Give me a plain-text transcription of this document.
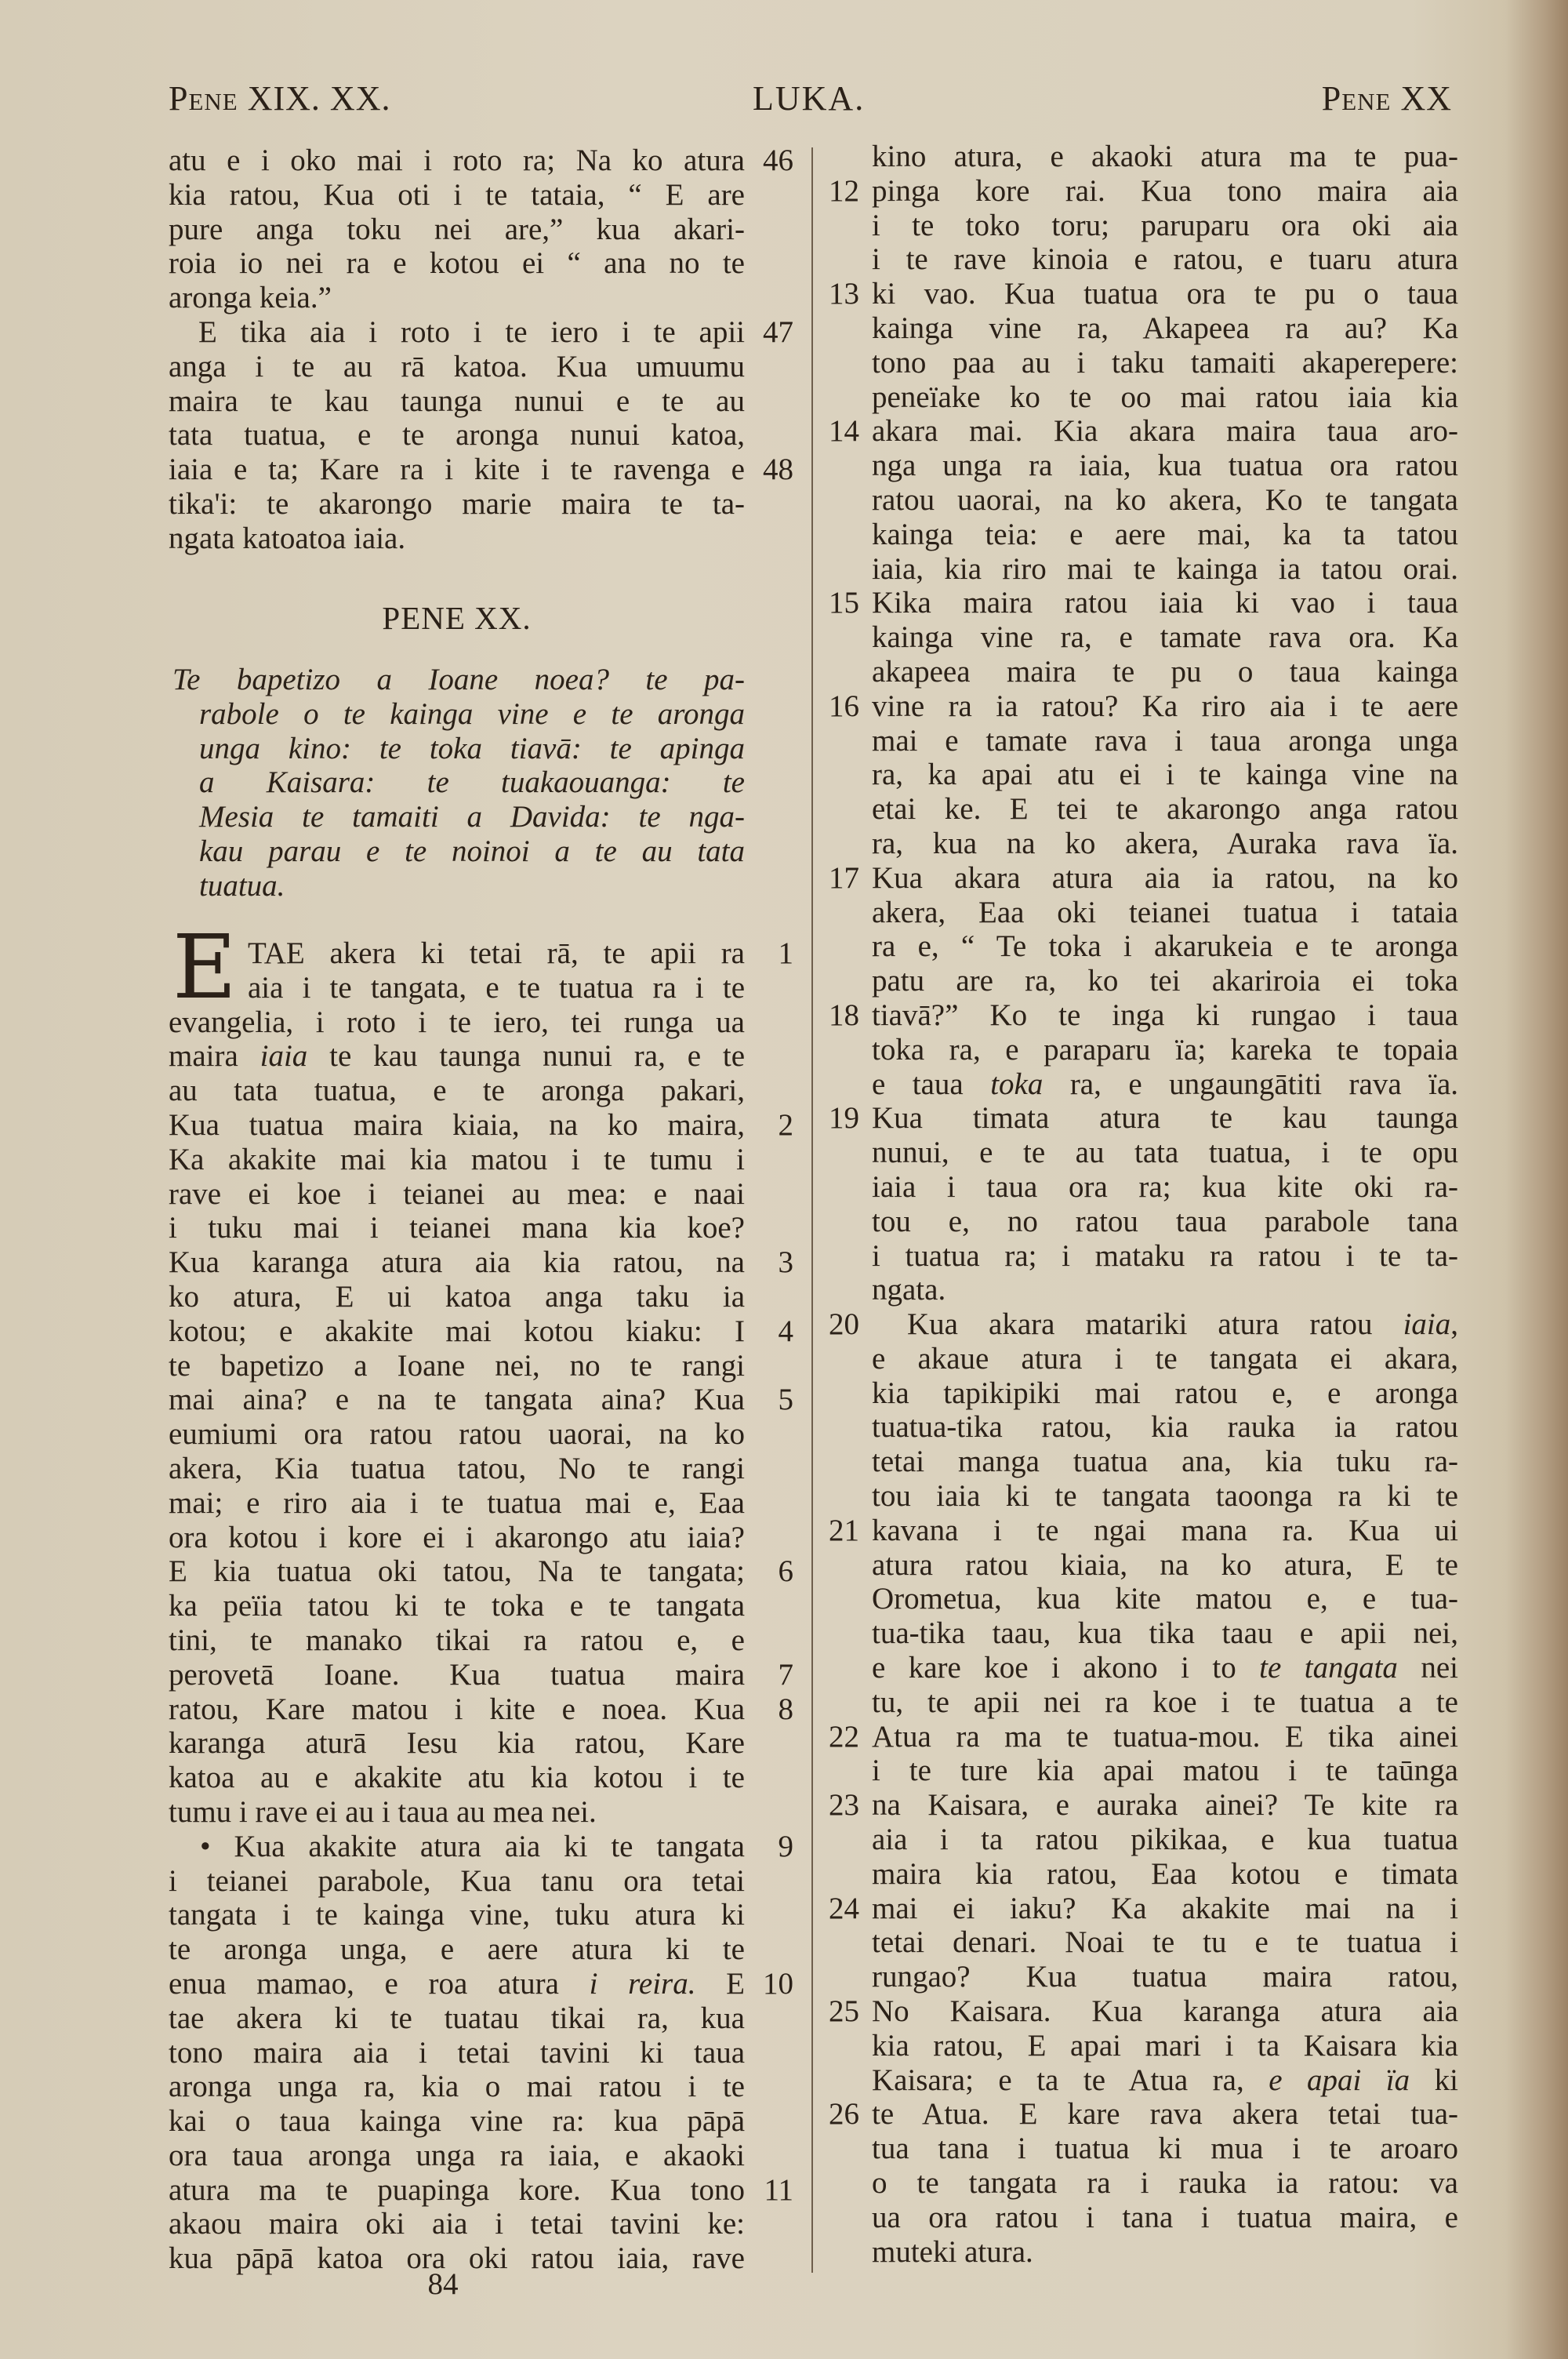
Pene XIX. XX.	LUKA.	Pene XX
atu e i oko mai i roto ra; Na ko atura 46
kia ratou, Kua oti i te tataia, “ E are
pure anga toku nei are,” kua akari-
roia io nei ra e kotou ei “ ana no te
aronga keia.”
E tika aia i roto i te iero i te apii 47
anga i te au rā katoa. Kua umuumu
maira te kau taunga nunui e te au
tata tuatua, e te aronga nunui katoa,
iaia e ta; Kare ra i kite i te ravenga e 48
tika'i: te akarongo marie maira te ta-
ngata katoatoa iaia.
PENE XX.
Te bapetizo a Ioane noea? te pa-
rabole o te kainga vine e te aronga
unga kino: te toka tiavā: te apinga
a Kaisara: te tuakaouanga: te
Mesia te tamaiti a Davida: te nga-
kau parau e te noinoi a te au tata
tuatua.
E TAE akera ki tetai rā, te apii ra	1
aia i te tangata, e te tuatua ra i te
evangelia, i roto i te iero, tei runga ua
maira iaia te kau taunga nunui ra, e te
au tata tuatua, e te aronga pakari,
Kua tuatua maira kiaia, na ko maira,	2
Ka akakite mai kia matou i te tumu i
rave ei koe i teianei au mea: e naai
i tuku mai i teianei mana kia koe?
Kua karanga atura aia kia ratou, na	3
ko atura, E ui katoa anga taku ia
kotou; e akakite mai kotou kiaku: I	4
te bapetizo a Ioane nei, no te rangi
mai aina? e na te tangata aina? Kua	5
eumiumi ora ratou ratou uaorai, na ko
akera, Kia tuatua tatou, No te rangi
mai; e riro aia i te tuatua mai e, Eaa
ora kotou i kore ei i akarongo atu iaia?
E kia tuatua oki tatou, Na te tangata;	6
ka peïia tatou ki te toka e te tangata
tini, te manako tikai ra ratou e, e
perovetā Ioane. Kua tuatua maira	7
ratou, Kare matou i kite e noea. Kua	8
karanga aturā Iesu kia ratou, Kare
katoa au e akakite atu kia kotou i te
tumu i rave ei au i taua au mea nei.
• Kua akakite atura aia ki te tangata	9
i teianei parabole, Kua tanu ora tetai
tangata i te kainga vine, tuku atura ki
te aronga unga, e aere atura ki te
enua mamao, e roa atura i reira. E 10
tae akera ki te tuatau tikai ra, kua
tono maira aia i tetai tavini ki taua
aronga unga ra, kia o mai ratou i te
kai o taua kainga vine ra: kua pāpā
ora taua aronga unga ra iaia, e akaoki
atura ma te puapinga kore. Kua tono 11
akaou maira oki aia i tetai tavini ke:
kua pāpā katoa ora oki ratou iaia, rave
kino atura, e akaoki atura ma te pua-
pinga kore rai. Kua tono maira aia
12
i te toko toru; paruparu ora oki aia
i te rave kinoia e ratou, e tuaru atura
ki vao. Kua tuatua ora te pu o taua
13
kainga vine ra, Akapeea ra au? Ka
tono paa au i taku tamaiti akaperepere:
peneïake ko te oo mai ratou iaia kia
akara mai. Kia akara maira taua aro-
14
nga unga ra iaia, kua tuatua ora ratou
ratou uaorai, na ko akera, Ko te tangata
kainga teia: e aere mai, ka ta tatou
iaia, kia riro mai te kainga ia tatou orai.
Kika maira ratou iaia ki vao i taua
15
kainga vine ra, e tamate rava ora. Ka
akapeea maira te pu o taua kainga
vine ra ia ratou? Ka riro aia i te aere
16
mai e tamate rava i taua aronga unga
ra, ka apai atu ei i te kainga vine na
etai ke. E tei te akarongo anga ratou
ra, kua na ko akera, Auraka rava ïa.
Kua akara atura aia ia ratou, na ko
17
akera, Eaa oki teianei tuatua i tataia
ra e, “ Te toka i akarukeia e te aronga
patu are ra, ko tei akariroia ei toka
tiavā?” Ko te inga ki rungao i taua
18
toka ra, e paraparu ïa; kareka te topaia
e taua toka ra, e ungaungātiti rava ïa.
Kua timata atura te kau taunga
19
nunui, e te au tata tuatua, i te opu
iaia i taua ora ra; kua kite oki ra-
tou e, no ratou taua parabole tana
i tuatua ra; i mataku ra ratou i te ta-
ngata.
Kua akara matariki atura ratou iaia,
20
e akaue atura i te tangata ei akara,
kia tapikipiki mai ratou e, e aronga
tuatua-tika ratou, kia rauka ia ratou
tetai manga tuatua ana, kia tuku ra-
tou iaia ki te tangata taoonga ra ki te
kavana i te ngai mana ra. Kua ui
21
atura ratou kiaia, na ko atura, E te
Orometua, kua kite matou e, e tua-
tua-tika taau, kua tika taau e apii nei,
e kare koe i akono i to te tangata nei
tu, te apii nei ra koe i te tuatua a te
Atua ra ma te tuatua-mou. E tika ainei
22
i te ture kia apai matou i te taūnga
na Kaisara, e auraka ainei? Te kite ra
23
aia i ta ratou pikikaa, e kua tuatua
maira kia ratou, Eaa kotou e timata
mai ei iaku? Ka akakite mai na i
24
tetai denari. Noai te tu e te tuatua i
rungao? Kua tuatua maira ratou,
No Kaisara. Kua karanga atura aia
25
kia ratou, E apai mari i ta Kaisara kia
Kaisara; e ta te Atua ra, e apai ïa ki
te Atua. E kare rava akera tetai tua-
26
tua tana i tuatua ki mua i te aroaro
o te tangata ra i rauka ia ratou: va
ua ora ratou i tana i tuatua maira, e
muteki atura.
84
